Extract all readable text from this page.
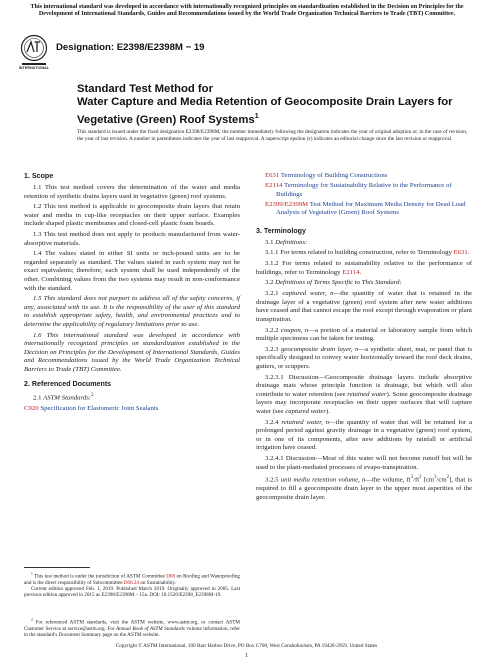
This international standard was developed in accordance with internationally recognized principles on standardization established in the Decision on Principles for the Development of International Standards, Guides and Recommendations issued by the World Trade Organization Technical Barriers to Trade (TBT) Committee.
INTERNATIONAL
Designation: E2398/E2398M − 19
Standard Test Method for
Water Capture and Media Retention of Geocomposite Drain Layers for Vegetative (Green) Roof Systems$^1$
This standard is issued under the fixed designation E2398/E2398M; the number immediately following the designation indicates the year of original adoption or, in the case of revision, the year of last revision. A number in parentheses indicates the year of last reapproval. A superscript epsilon (ε) indicates an editorial change since the last revision or reapproval.
1. Scope

1.1 This test method covers the determination of the water and media retention of synthetic drains layers used in vegetative (green) roof systems.

1.2 This test method is applicable to geocomposite drain layers that retain water and media in cup-like receptacles on their upper surface. Examples include shaped plastic membranes and closed-cell plastic foam boards.

1.3 This test method does not apply to products manufactured from water-absorptive materials.

1.4 The values stated in either SI units or inch-pound units are to be regarded separately as standard. The values stated in each system may not be exact equivalents; therefore, each system shall be used independently of the other. Combining values from the two systems may result in non-conformance with the standard.

1.5 This standard does not purport to address all of the safety concerns, if any, associated with its use. It is the responsibility of the user of this standard to establish appropriate safety, health, and environmental practices and to determine the applicability of regulatory limitations prior to use.

1.6 This international standard was developed in accordance with internationally recognized principles on standardization established in the Decision on Principles for the Development of International Standards, Guides and Recommendations issued by the World Trade Organization Technical Barriers to Trade (TBT) Committee.

2. Referenced Documents

2.1 ASTM Standards:$^2$

C920 Specification for Elastomeric Joint Sealants
E631 Terminology of Building Constructions
E2114 Terminology for Sustainability Relative to the Performance of Buildings
E2399/E2399M Test Method for Maximum Media Density for Dead Load Analysis of Vegetative (Green) Roof Systems
3. Terminology

3.1 Definitions:

3.1.1 For terms related to building construction, refer to Terminology E631.

3.1.2 For terms related to sustainability relative to the performance of buildings, refer to Terminology E2114.

3.2 Definitions of Terms Specific to This Standard:

3.2.1 captured water, n—the quantity of water that is retained in the drainage layer of a vegetative (green) roof system after new water additions have ceased and that cannot escape the roof except through evaporation or plant transpiration.

3.2.2 coupon, n—a portion of a material or laboratory sample from which multiple specimens can be taken for testing.

3.2.3 geocomposite drain layer, n—a synthetic sheet, mat, or panel that is specifically designed to convey water horizontally toward the roof deck drains, gutters, or scuppers.

3.2.3.1 Discussion—Geocomposite drainage layers include absorptive drainage mats whose principle function is drainage, but which will also contribute to water retention (see retained water). Some geocomposite drainage layers may incorporate receptacles on their upper surfaces that will capture water (see captured water).

3.2.4 retained water, n—the quantity of water that will be retained for a prolonged period against gravity drainage in a vegetative (green) roof system, or in one of its components, after new additions by rainfall or artificial irrigation have ceased.

3.2.4.1 Discussion—Most of this water will not become runoff but will be used to the plant-mediated processes of evapo-transpiration.

3.2.5 unit media retention volume, n—the volume, $ft^3/ft^2$ $[cm^3/cm^2]$, that is required to fill a geocomposite drain layer to the upper most asperities of the geocomposite drain layer.

$^1$ This test method is under the jurisdiction of ASTM Committee D08 on Roofing and Waterproofing and is the direct responsibility of Subcommittee D08.24 on Sustainability.
Current edition approved Feb. 1, 2019. Published March 2019. Originally approved in 2005. Last previous edition approved in 2015 as E2398/E2398M – 15a. DOI: 10.1520/E2398_E2398M-19.
$^2$ For referenced ASTM standards, visit the ASTM website, www.astm.org, or contact ASTM Customer Service at service@astm.org. For Annual Book of ASTM Standards volume information, refer to the standard's Document Summary page on the ASTM website.
Copyright © ASTM International, 100 Barr Harbor Drive, PO Box C700, West Conshohocken, PA 19428-2959. United States
1
